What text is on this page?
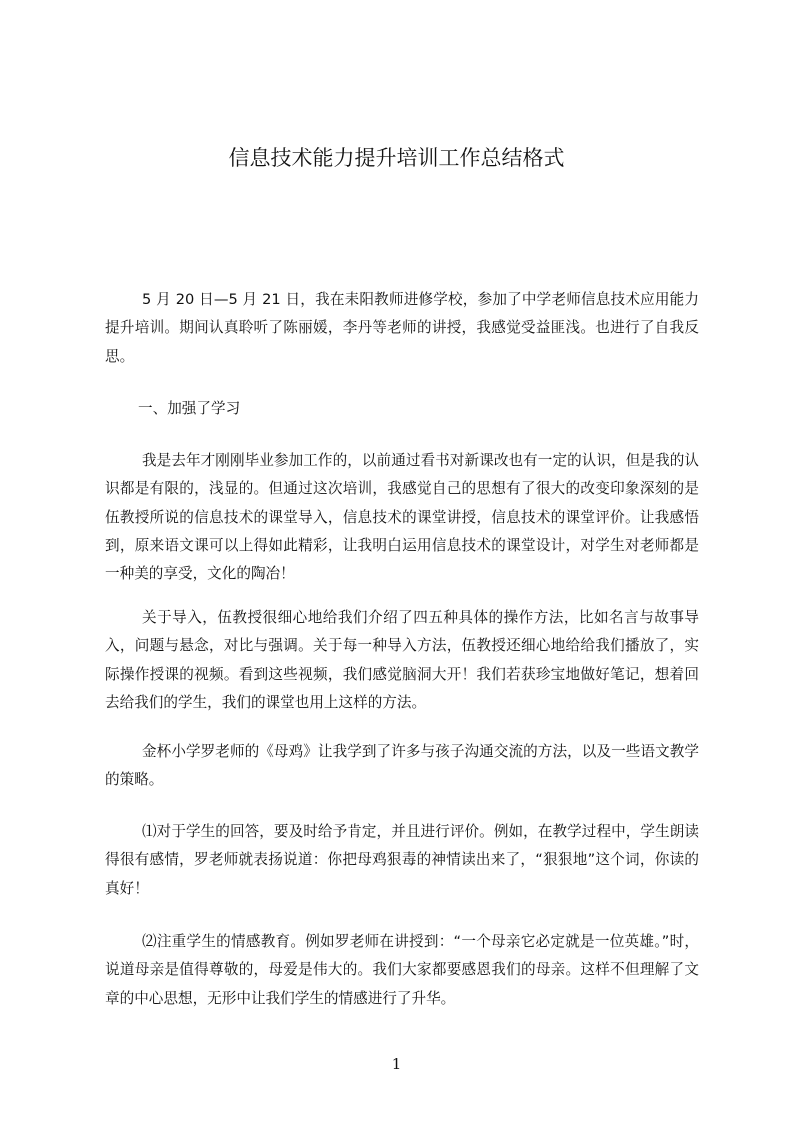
信息技术能力提升培训工作总结格式

5 月 20 日—5 月 21 日，我在耒阳教师进修学校，参加了中学老师信息技术应用能力提升培训。期间认真聆听了陈丽媛，李丹等老师的讲授，我感觉受益匪浅。也进行了自我反思。

一、加强了学习

我是去年才刚刚毕业参加工作的，以前通过看书对新课改也有一定的认识，但是我的认识都是有限的，浅显的。但通过这次培训，我感觉自己的思想有了很大的改变印象深刻的是伍教授所说的信息技术的课堂导入，信息技术的课堂讲授，信息技术的课堂评价。让我感悟到，原来语文课可以上得如此精彩，让我明白运用信息技术的课堂设计，对学生对老师都是一种美的享受，文化的陶冶！

关于导入，伍教授很细心地给我们介绍了四五种具体的操作方法，比如名言与故事导入，问题与悬念，对比与强调。关于每一种导入方法，伍教授还细心地给给我们播放了，实际操作授课的视频。看到这些视频，我们感觉脑洞大开！我们若获珍宝地做好笔记，想着回去给我们的学生，我们的课堂也用上这样的方法。

金杯小学罗老师的《母鸡》让我学到了许多与孩子沟通交流的方法，以及一些语文教学的策略。

⑴对于学生的回答，要及时给予肯定，并且进行评价。例如，在教学过程中，学生朗读得很有感情，罗老师就表扬说道：你把母鸡狠毒的神情读出来了，“狠狠地”这个词，你读的真好！

⑵注重学生的情感教育。例如罗老师在讲授到：“一个母亲它必定就是一位英雄。”时，说道母亲是值得尊敬的，母爱是伟大的。我们大家都要感恩我们的母亲。这样不但理解了文章的中心思想，无形中让我们学生的情感进行了升华。

1
